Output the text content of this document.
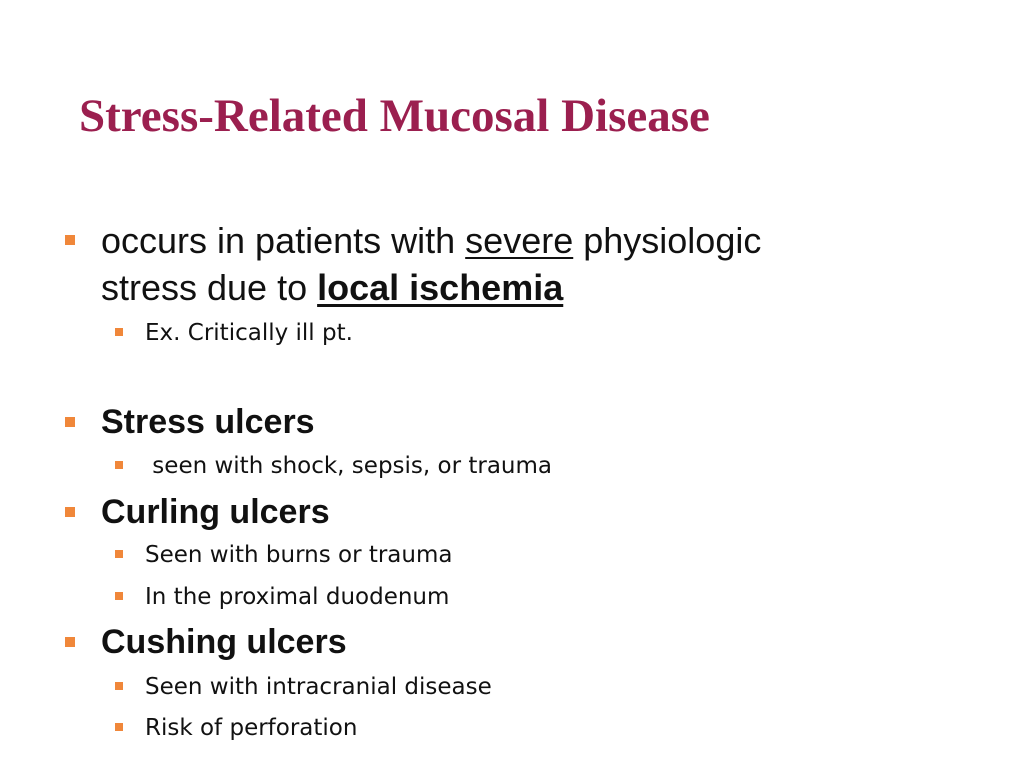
Stress-Related Mucosal Disease
occurs in patients with severe physiologic
stress due to local ischemia
Ex. Critically ill pt.
Stress ulcers
seen with shock, sepsis, or trauma
Curling ulcers
Seen with burns or trauma
In the proximal duodenum
Cushing ulcers
Seen with intracranial disease
Risk of perforation
